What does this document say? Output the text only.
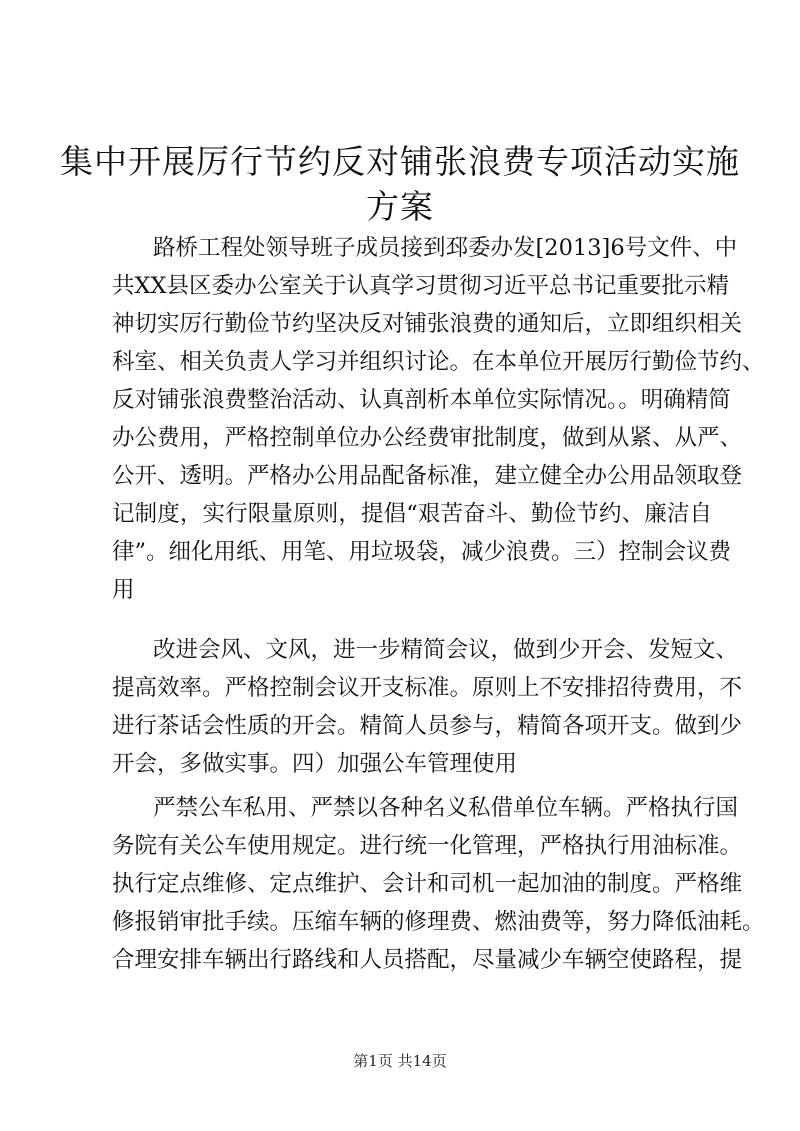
集中开展厉行节约反对铺张浪费专项活动实施
方案
路桥工程处领导班子成员接到邳委办发[2013]6号文件、中
共XX县区委办公室关于认真学习贯彻习近平总书记重要批示精
神切实厉行勤俭节约坚决反对铺张浪费的通知后，立即组织相关
科室、相关负责人学习并组织讨论。在本单位开展厉行勤俭节约、
反对铺张浪费整治活动、认真剖析本单位实际情况。。明确精简
办公费用，严格控制单位办公经费审批制度，做到从紧、从严、
公开、透明。严格办公用品配备标准，建立健全办公用品领取登
记制度，实行限量原则，提倡“艰苦奋斗、勤俭节约、廉洁自
律”。细化用纸、用笔、用垃圾袋，减少浪费。三）控制会议费
用
改进会风、文风，进一步精简会议，做到少开会、发短文、
提高效率。严格控制会议开支标准。原则上不安排招待费用，不
进行茶话会性质的开会。精简人员参与，精简各项开支。做到少
开会，多做实事。四）加强公车管理使用
严禁公车私用、严禁以各种名义私借单位车辆。严格执行国
务院有关公车使用规定。进行统一化管理，严格执行用油标准。
执行定点维修、定点维护、会计和司机一起加油的制度。严格维
修报销审批手续。压缩车辆的修理费、燃油费等，努力降低油耗。
合理安排车辆出行路线和人员搭配，尽量减少车辆空使路程，提
第1页 共14页
